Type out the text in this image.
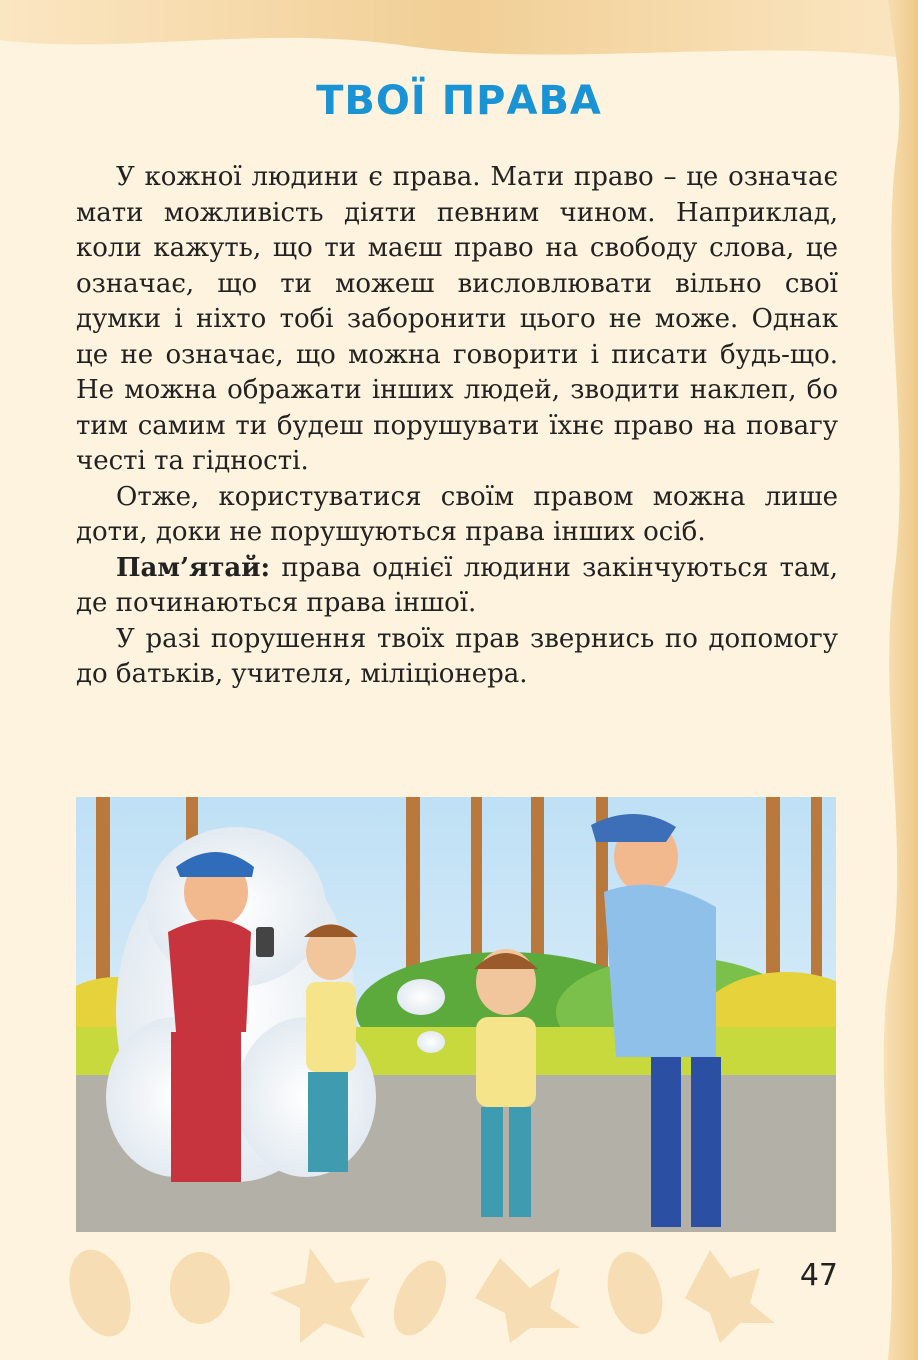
ТВОЇ ПРАВА

У кожної людини є права. Мати право – це означає мати можливість діяти певним чином. Наприклад, коли кажуть, що ти маєш право на свободу слова, це означає, що ти можеш висловлювати вільно свої думки і ніхто тобі заборонити цього не може. Однак це не означає, що можна говорити і писати будь-що. Не можна ображати інших людей, зводити наклеп, бо тим самим ти будеш порушувати їхнє право на повагу честі та гідності.

Отже, користуватися своїм правом можна лише доти, доки не порушуються права інших осіб.

Пам’ятай: права однієї людини закінчуються там, де починаються права іншої.

У разі порушення твоїх прав звернись по допомогу до батьків, учителя, міліціонера.

47
